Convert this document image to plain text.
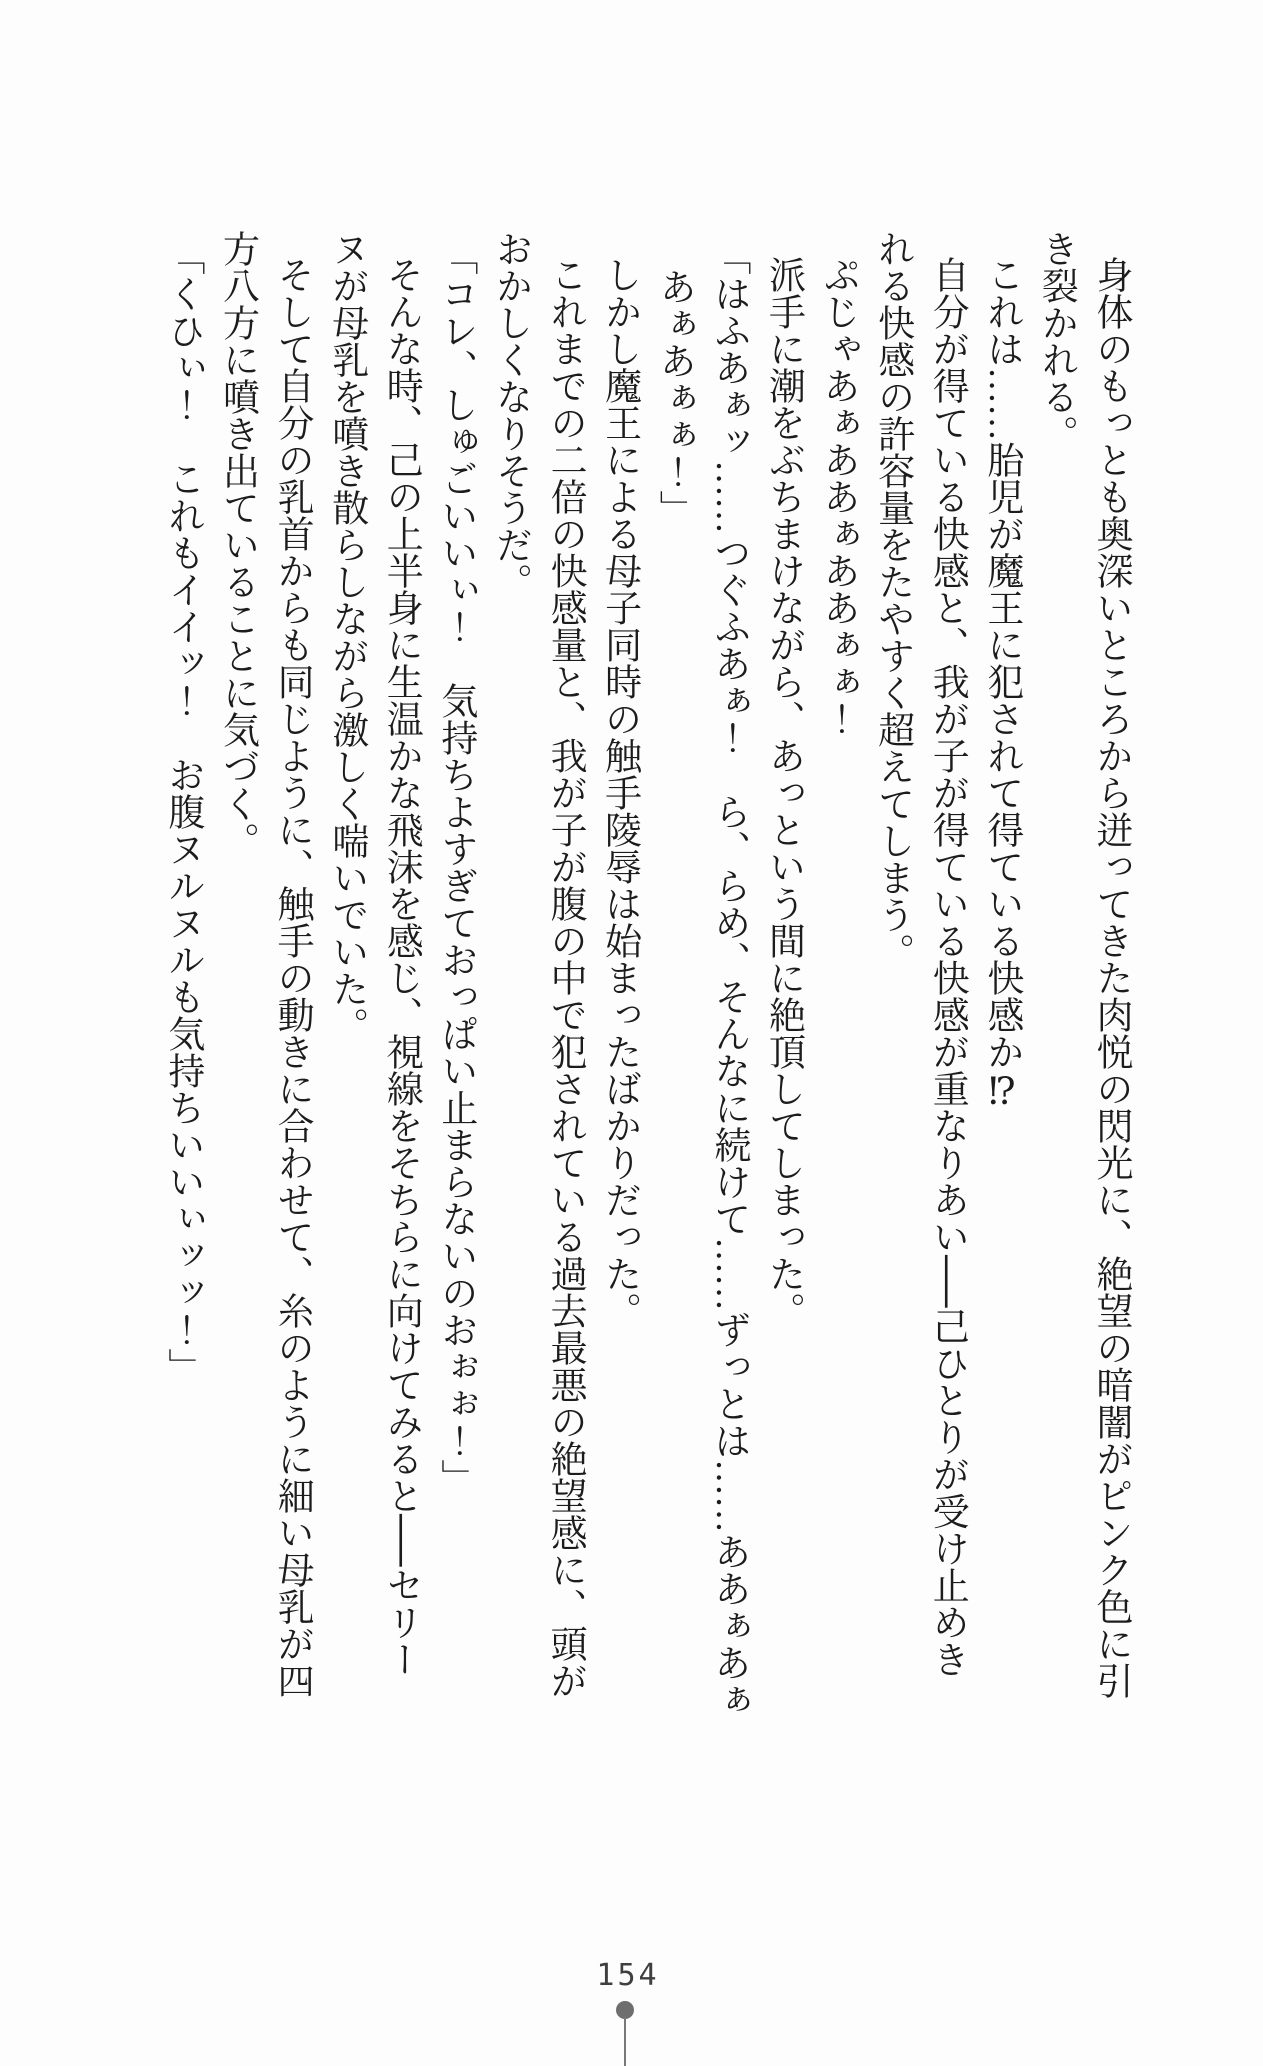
身体のもっとも奥深いところから迸ってきた肉悦の閃光に、絶望の暗闇がピンク色に引

き裂かれる。

これは……胎児が魔王に犯されて得ている快感か⁉

自分が得ている快感と、我が子が得ている快感が重なりあい──己ひとりが受け止めき

れる快感の許容量をたやすく超えてしまう。

ぷじゃあぁああぁああぁぁ！

派手に潮をぶちまけながら、あっという間に絶頂してしまった。

「はふあぁッ……つぐふあぁ！　ら、らめ、そんなに続けて……ずっとは……ああぁあぁ

あぁあぁぁ！」

しかし魔王による母子同時の触手陵辱は始まったばかりだった。

これまでの二倍の快感量と、我が子が腹の中で犯されている過去最悪の絶望感に、頭が

おかしくなりそうだ。

「コレ、しゅごいいぃ！　気持ちよすぎておっぱい止まらないのおぉぉ！」

そんな時、己の上半身に生温かな飛沫を感じ、視線をそちらに向けてみると──セリー

ヌが母乳を噴き散らしながら激しく喘いでいた。

そして自分の乳首からも同じように、触手の動きに合わせて、糸のように細い母乳が四

方八方に噴き出ていることに気づく。

「くひぃ！　これもイイッ！　お腹ヌルヌルも気持ちいいぃッッ！」

154
